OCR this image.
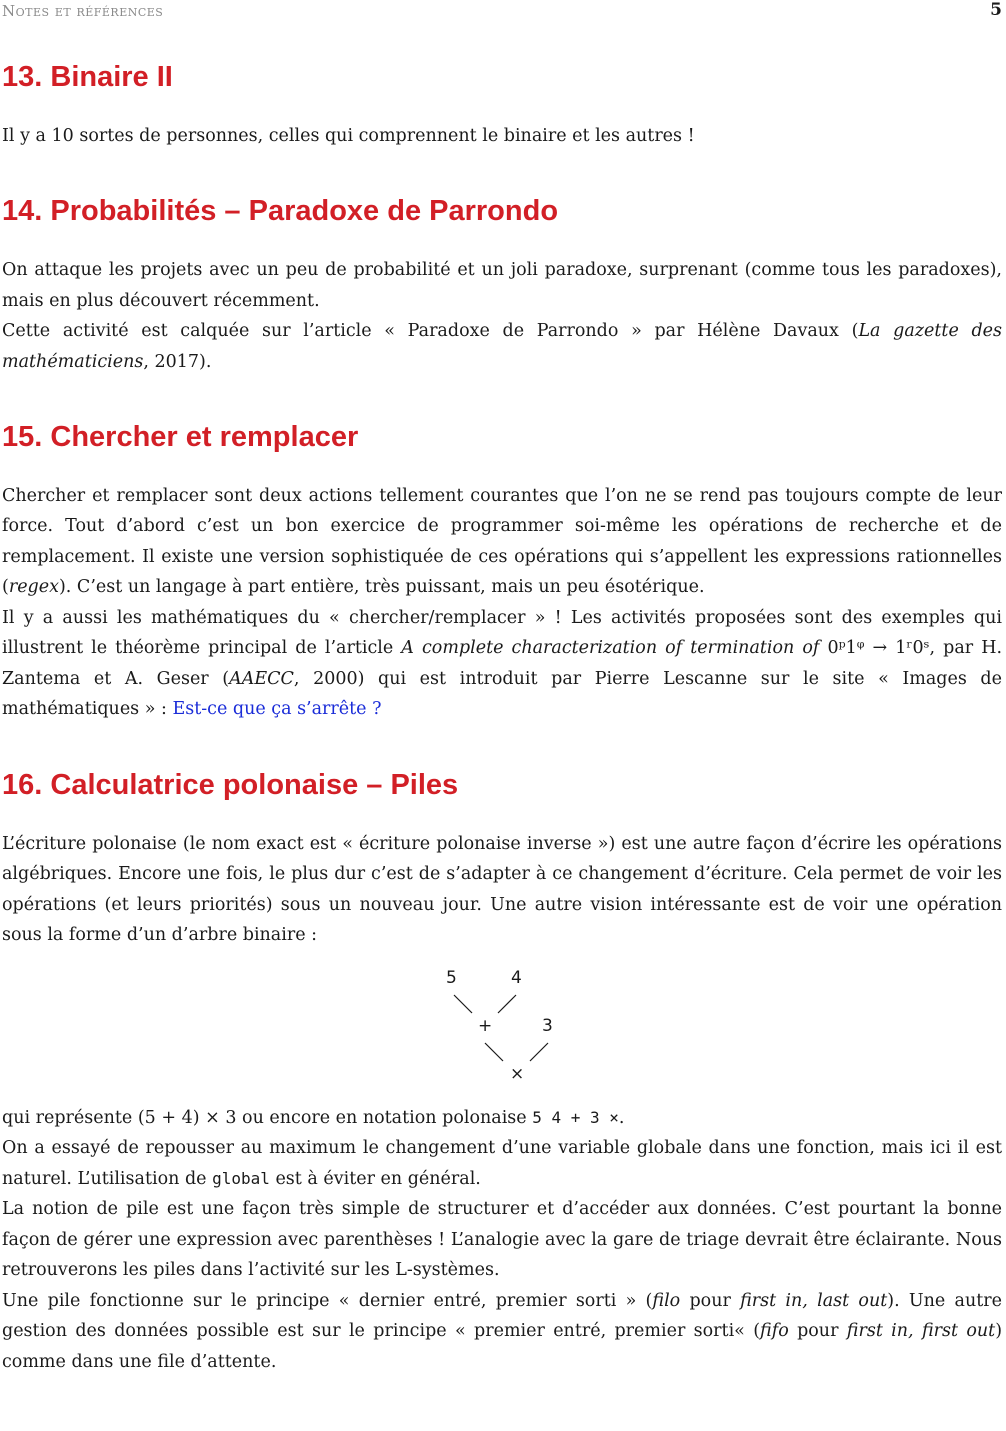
Notes et références	5
13. Binaire II

Il y a 10 sortes de personnes, celles qui comprennent le binaire et les autres !

14. Probabilités – Paradoxe de Parrondo

On attaque les projets avec un peu de probabilité et un joli paradoxe, surprenant (comme tous les paradoxes), mais en plus découvert récemment.

Cette activité est calquée sur l’article « Paradoxe de Parrondo » par Hélène Davaux (La gazette des mathématiciens, 2017).

15. Chercher et remplacer

Chercher et remplacer sont deux actions tellement courantes que l’on ne se rend pas toujours compte de leur force. Tout d’abord c’est un bon exercice de programmer soi-même les opérations de recherche et de remplacement. Il existe une version sophistiquée de ces opérations qui s’appellent les expressions rationnelles (regex). C’est un langage à part entière, très puissant, mais un peu ésotérique.

Il y a aussi les mathématiques du « chercher/remplacer » ! Les activités proposées sont des exemples qui illustrent le théorème principal de l’article A complete characterization of termination of 0ᵖ1ᵠ → 1ʳ0ˢ, par H. Zantema et A. Geser (AAECC, 2000) qui est introduit par Pierre Lescanne sur le site « Images de mathématiques » : Est-ce que ça s’arrête ?

16. Calculatrice polonaise – Piles

L’écriture polonaise (le nom exact est « écriture polonaise inverse ») est une autre façon d’écrire les opérations algébriques. Encore une fois, le plus dur c’est de s’adapter à ce changement d’écriture. Cela permet de voir les opérations (et leurs priorités) sous un nouveau jour. Une autre vision intéressante est de voir une opération sous la forme d’un d’arbre binaire :

5	4
+	3
×

qui représente (5 + 4) × 3 ou encore en notation polonaise 5 4 + 3 ×.

On a essayé de repousser au maximum le changement d’une variable globale dans une fonction, mais ici il est naturel. L’utilisation de global est à éviter en général.

La notion de pile est une façon très simple de structurer et d’accéder aux données. C’est pourtant la bonne façon de gérer une expression avec parenthèses ! L’analogie avec la gare de triage devrait être éclairante. Nous retrouverons les piles dans l’activité sur les L-systèmes.

Une pile fonctionne sur le principe « dernier entré, premier sorti » (filo pour first in, last out). Une autre gestion des données possible est sur le principe « premier entré, premier sorti« (fifo pour first in, first out) comme dans une file d’attente.
